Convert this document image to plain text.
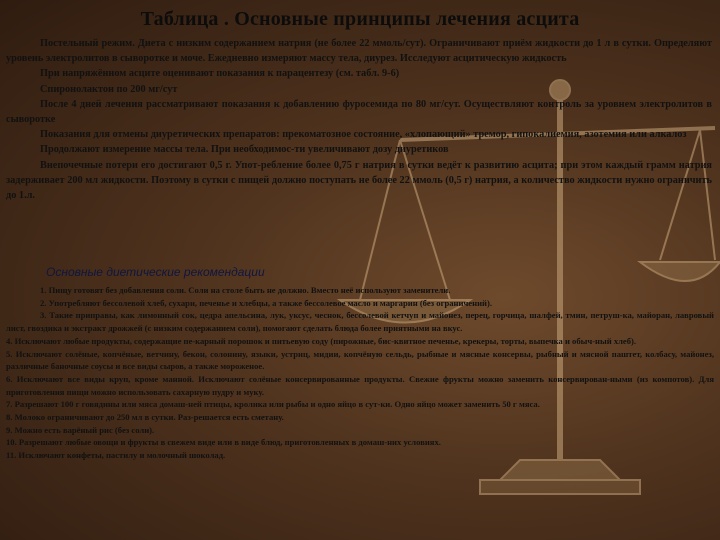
Таблица . Основные принципы лечения асцита

Постельный режим. Диета с низким содержанием натрия (не более 22 ммоль/сут). Ограничивают приём жидкости до 1 л в сутки. Определяют уровень электролитов в сыворотке и моче. Ежедневно измеряют массу тела, диурез. Исследуют асцитическую жидкость

При напряжённом асците оценивают показания к парацентезу (см. табл. 9-6)

Спиронолактон по 200 мг/сут

После 4 дней лечения рассматривают показания к добавлению фуросемида по 80 мг/сут. Осуществляют контроль за уровнем электролитов в сыворотке

Показания для отмены диуретических препаратов: прекоматозное состояние, «хлопающий» тремор, гипокалиемия, азотемия или алкалоз

Продолжают измерение массы тела. При необходимос-ти увеличивают дозу диуретиков

Внепочечные потери его достигают 0,5 г. Упот-ребление более 0,75 г натрия в сутки ведёт к развитию асцита; при этом каждый грамм натрия задерживает 200 мл жидкости. Поэтому в сутки с пищей должно поступать не более 22 ммоль (0,5 г) натрия, а количество жидкости нужно ограничить до 1.л.

Основные диетические рекомендации

1. Пищу готовят без добавления соли. Соли на столе быть не должно. Вместо неё используют заменители.

2. Употребляют бессолевой хлеб, сухари, печенье и хлебцы, а также бессолевое масло и маргарин (без ограничений).

3. Такие приправы, как лимонный сок, цедра апельсина, лук, уксус, чеснок, бессолевой кетчуп и майонез, перец, горчица, шалфей, тмин, петруш-ка, майоран, лавровый лист, гвоздика и экстракт дрожжей (с низким содержанием соли), помогают сделать блюда более приятными на вкус.

4. Исключают любые продукты, содержащие пе-карный порошок и питьевую соду (пирожные, бис-квитное печенье, крекеры, торты, выпечка и обыч-ный хлеб).

5. Исключают солёные, копчёные, ветчину, бекон, солонину, языки, устриц, мидии, копчёную сельдь, рыбные и мясные консервы, рыбный и мясной паштет, колбасу, майонез, различные баночные соусы и все виды сыров, а также мороженое.

6. Исключают все виды круп, кроме манной. Исключают солёные консервированные продукты. Свежие фрукты можно заменить консервирован-ными (из компотов). Для приготовления пищи можно использовать сахарную пудру и муку.

7. Разрешают 100 г говядины или мяса домаш-ней птицы, кролика или рыбы и одно яйцо в сут-ки. Одно яйцо может заменить 50 г мяса.

8. Молоко ограничивают до 250 мл в сутки. Раз-решается есть сметану.

9. Можно есть варёный рис (без соли).

10. Разрешают любые овощи и фрукты в свежем виде или в виде блюд, приготовленных в домаш-них условиях.

11. Исключают конфеты, пастилу и молочный шоколад.
